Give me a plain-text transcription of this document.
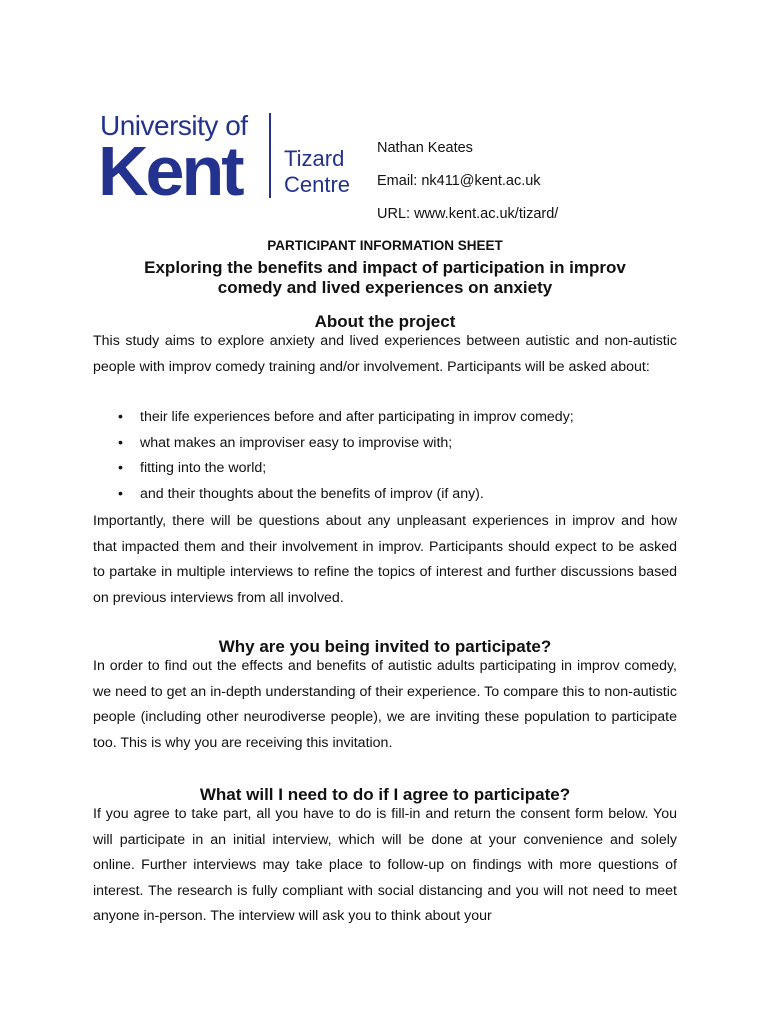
University of
Kent Tizard
Centre
Nathan Keates
Email: nk411@kent.ac.uk
URL: www.kent.ac.uk/tizard/
PARTICIPANT INFORMATION SHEET
Exploring the benefits and impact of participation in improv
comedy and lived experiences on anxiety
About the project
This study aims to explore anxiety and lived experiences between autistic and non-autistic people with improv comedy training and/or involvement. Participants will be asked about:
• their life experiences before and after participating in improv comedy;
• what makes an improviser easy to improvise with;
• fitting into the world;
• and their thoughts about the benefits of improv (if any).
Importantly, there will be questions about any unpleasant experiences in improv and how that impacted them and their involvement in improv. Participants should expect to be asked to partake in multiple interviews to refine the topics of interest and further discussions based on previous interviews from all involved.
Why are you being invited to participate?
In order to find out the effects and benefits of autistic adults participating in improv comedy, we need to get an in-depth understanding of their experience. To compare this to non-autistic people (including other neurodiverse people), we are inviting these population to participate too. This is why you are receiving this invitation.
What will I need to do if I agree to participate?
If you agree to take part, all you have to do is fill-in and return the consent form below. You will participate in an initial interview, which will be done at your convenience and solely online. Further interviews may take place to follow-up on findings with more questions of interest. The research is fully compliant with social distancing and you will not need to meet anyone in-person. The interview will ask you to think about your
